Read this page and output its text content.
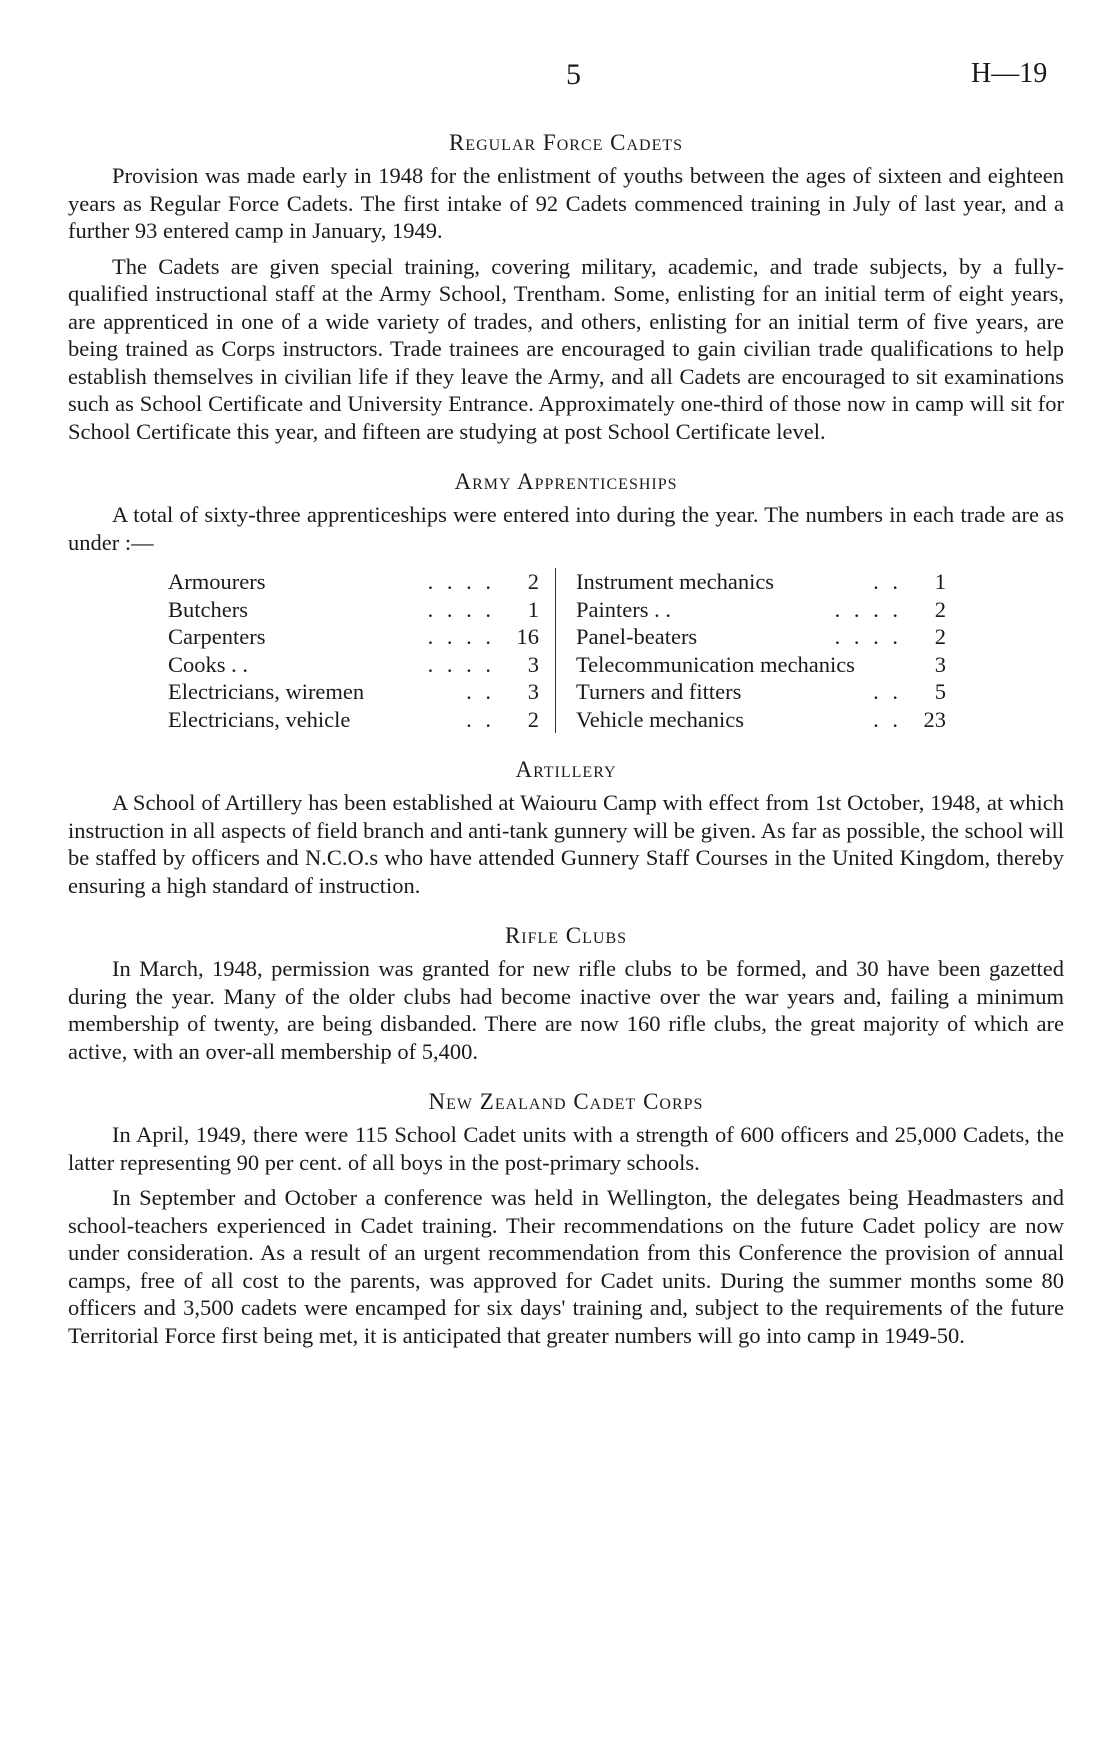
5	H—19
Regular Force Cadets

Provision was made early in 1948 for the enlistment of youths between the ages of sixteen and eighteen years as Regular Force Cadets. The first intake of 92 Cadets commenced training in July of last year, and a further 93 entered camp in January, 1949.

The Cadets are given special training, covering military, academic, and trade subjects, by a fully-qualified instructional staff at the Army School, Trentham. Some, enlisting for an initial term of eight years, are apprenticed in one of a wide variety of trades, and others, enlisting for an initial term of five years, are being trained as Corps instructors. Trade trainees are encouraged to gain civilian trade qualifications to help establish themselves in civilian life if they leave the Army, and all Cadets are encouraged to sit examinations such as School Certificate and University Entrance. Approximately one-third of those now in camp will sit for School Certificate this year, and fifteen are studying at post School Certificate level.

Army Apprenticeships

A total of sixty-three apprenticeships were entered into during the year. The numbers in each trade are as under :—

Armourers	. . . .	2
Butchers	. . . .	1
Carpenters	. . . . 16
Cooks . .	. . . .	3
Electricians, wiremen	. .	3
Electricians, vehicle	. .	2
Instrument mechanics	. .	1
Painters . .	. . . .	2
Panel-beaters	. . . .	2
Telecommunication mechanics	3
Turners and fitters	. .	5
Vehicle mechanics	. . 23
Artillery

A School of Artillery has been established at Waiouru Camp with effect from 1st October, 1948, at which instruction in all aspects of field branch and anti-tank gunnery will be given. As far as possible, the school will be staffed by officers and N.C.O.s who have attended Gunnery Staff Courses in the United Kingdom, thereby ensuring a high standard of instruction.

Rifle Clubs

In March, 1948, permission was granted for new rifle clubs to be formed, and 30 have been gazetted during the year. Many of the older clubs had become inactive over the war years and, failing a minimum membership of twenty, are being disbanded. There are now 160 rifle clubs, the great majority of which are active, with an over-all membership of 5,400.

New Zealand Cadet Corps

In April, 1949, there were 115 School Cadet units with a strength of 600 officers and 25,000 Cadets, the latter representing 90 per cent. of all boys in the post-primary schools.

In September and October a conference was held in Wellington, the delegates being Headmasters and school-teachers experienced in Cadet training. Their recommendations on the future Cadet policy are now under consideration. As a result of an urgent recommendation from this Conference the provision of annual camps, free of all cost to the parents, was approved for Cadet units. During the summer months some 80 officers and 3,500 cadets were encamped for six days' training and, subject to the requirements of the future Territorial Force first being met, it is anticipated that greater numbers will go into camp in 1949-50.
